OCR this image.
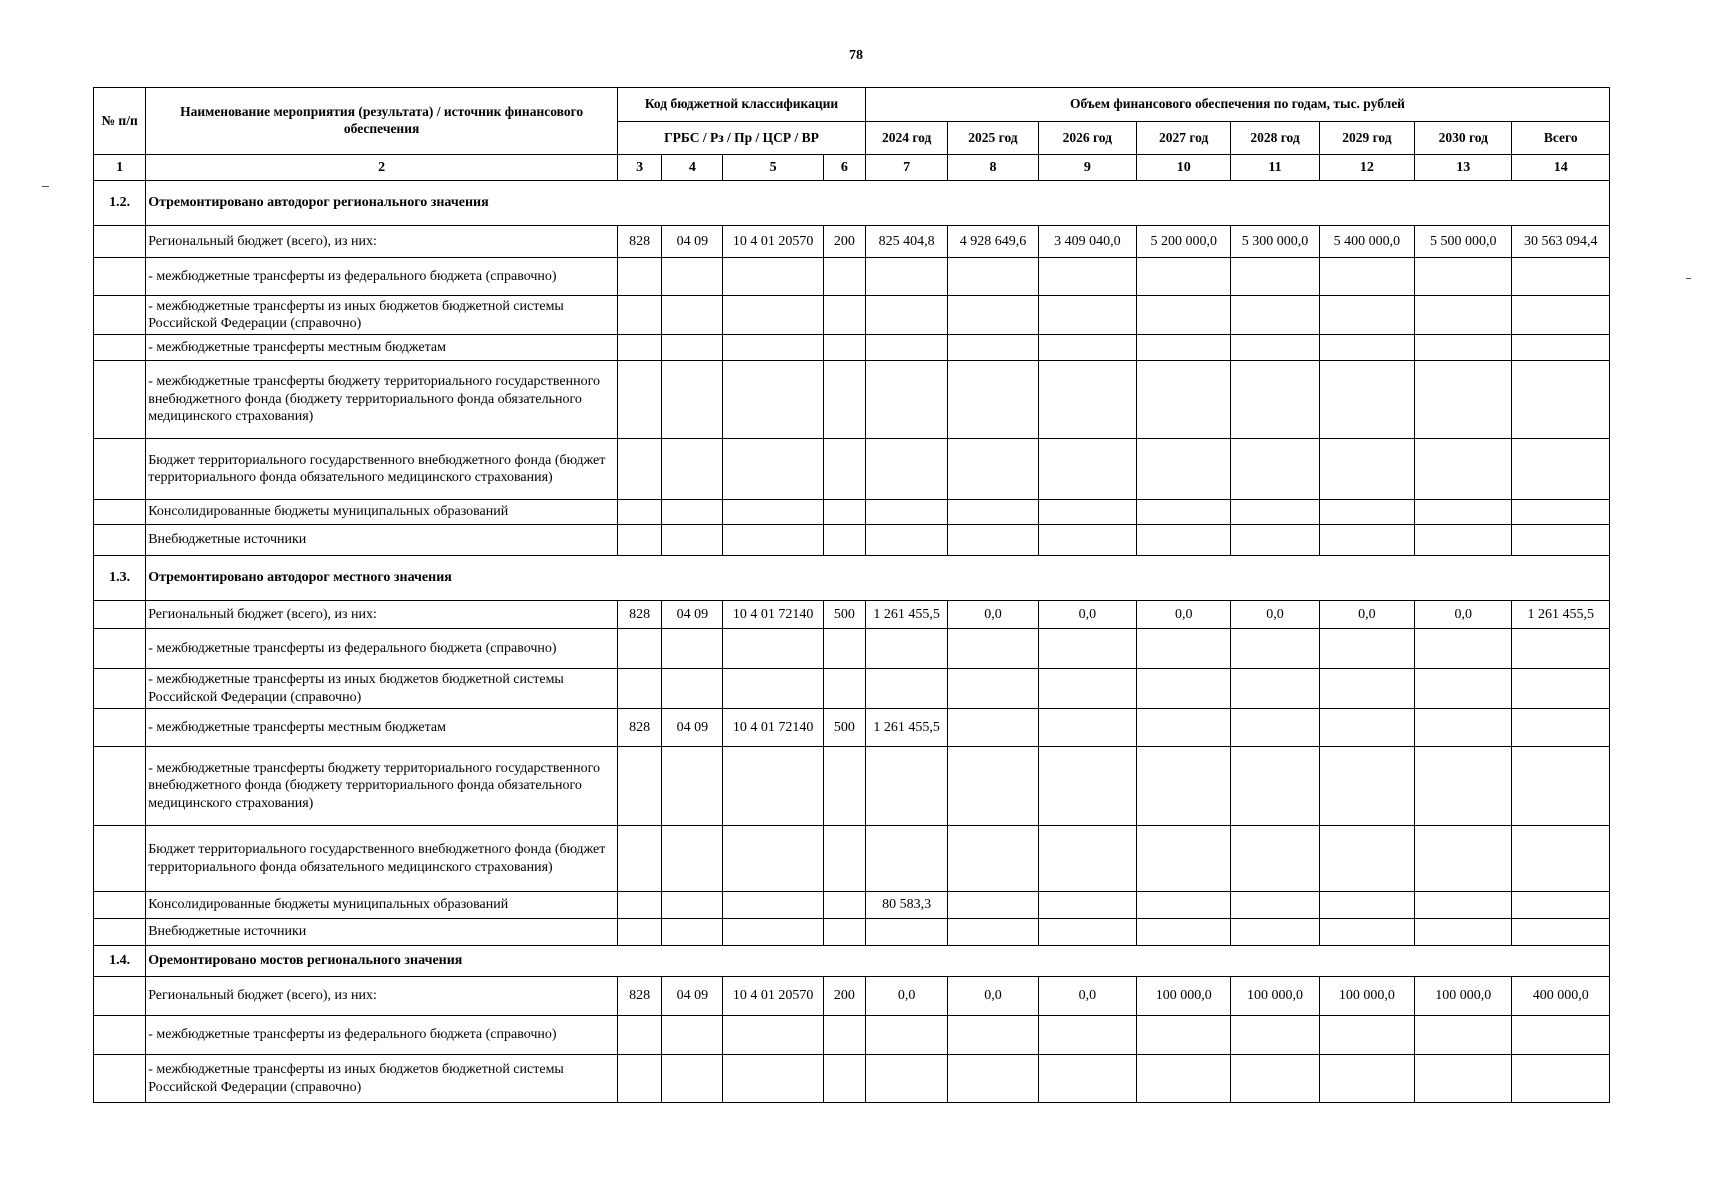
78
№ п/п	Наименование мероприятия (результата) / источник финансового обеспечения	Код бюджетной классификации				Объем финансового обеспечения по годам, тыс. рублей							
		ГРБС / Рз / Пр / ЦСР / ВР				2024 год	2025 год	2026 год	2027 год	2028 год	2029 год	2030 год	Всего
1	2	3	4	5	6	7	8	9	10	11	12	13	14
1.2.	Отремонтировано автодорог регионального значения												
	Региональный бюджет (всего), из них:	828	04 09	10 4 01 20570	200	825 404,8	4 928 649,6	3 409 040,0	5 200 000,0	5 300 000,0	5 400 000,0	5 500 000,0	30 563 094,4
	- межбюджетные трансферты из федерального бюджета (справочно)												
	- межбюджетные трансферты из иных бюджетов бюджетной системы Российской Федерации (справочно)												
	- межбюджетные трансферты местным бюджетам												
	- межбюджетные трансферты бюджету территориального государственного внебюджетного фонда (бюджету территориального фонда обязательного медицинского страхования)												
	Бюджет территориального государственного внебюджетного фонда (бюджет территориального фонда обязательного медицинского страхования)												
	Консолидированные бюджеты муниципальных образований												
	Внебюджетные источники												
1.3.	Отремонтировано автодорог местного значения												
	Региональный бюджет (всего), из них:	828	04 09	10 4 01 72140	500	1 261 455,5	0,0	0,0	0,0	0,0	0,0	0,0	1 261 455,5
	- межбюджетные трансферты из федерального бюджета (справочно)												
	- межбюджетные трансферты из иных бюджетов бюджетной системы Российской Федерации (справочно)												
	- межбюджетные трансферты местным бюджетам	828	04 09	10 4 01 72140	500	1 261 455,5							
	- межбюджетные трансферты бюджету территориального государственного внебюджетного фонда (бюджету территориального фонда обязательного медицинского страхования)												
	Бюджет территориального государственного внебюджетного фонда (бюджет территориального фонда обязательного медицинского страхования)												
	Консолидированные бюджеты муниципальных образований					80 583,3							
	Внебюджетные источники												
1.4.	Оремонтировано мостов регионального значения												
	Региональный бюджет (всего), из них:	828	04 09	10 4 01 20570	200	0,0	0,0	0,0	100 000,0	100 000,0	100 000,0	100 000,0	400 000,0
	- межбюджетные трансферты из федерального бюджета (справочно)												
	- межбюджетные трансферты из иных бюджетов бюджетной системы Российской Федерации (справочно)												
